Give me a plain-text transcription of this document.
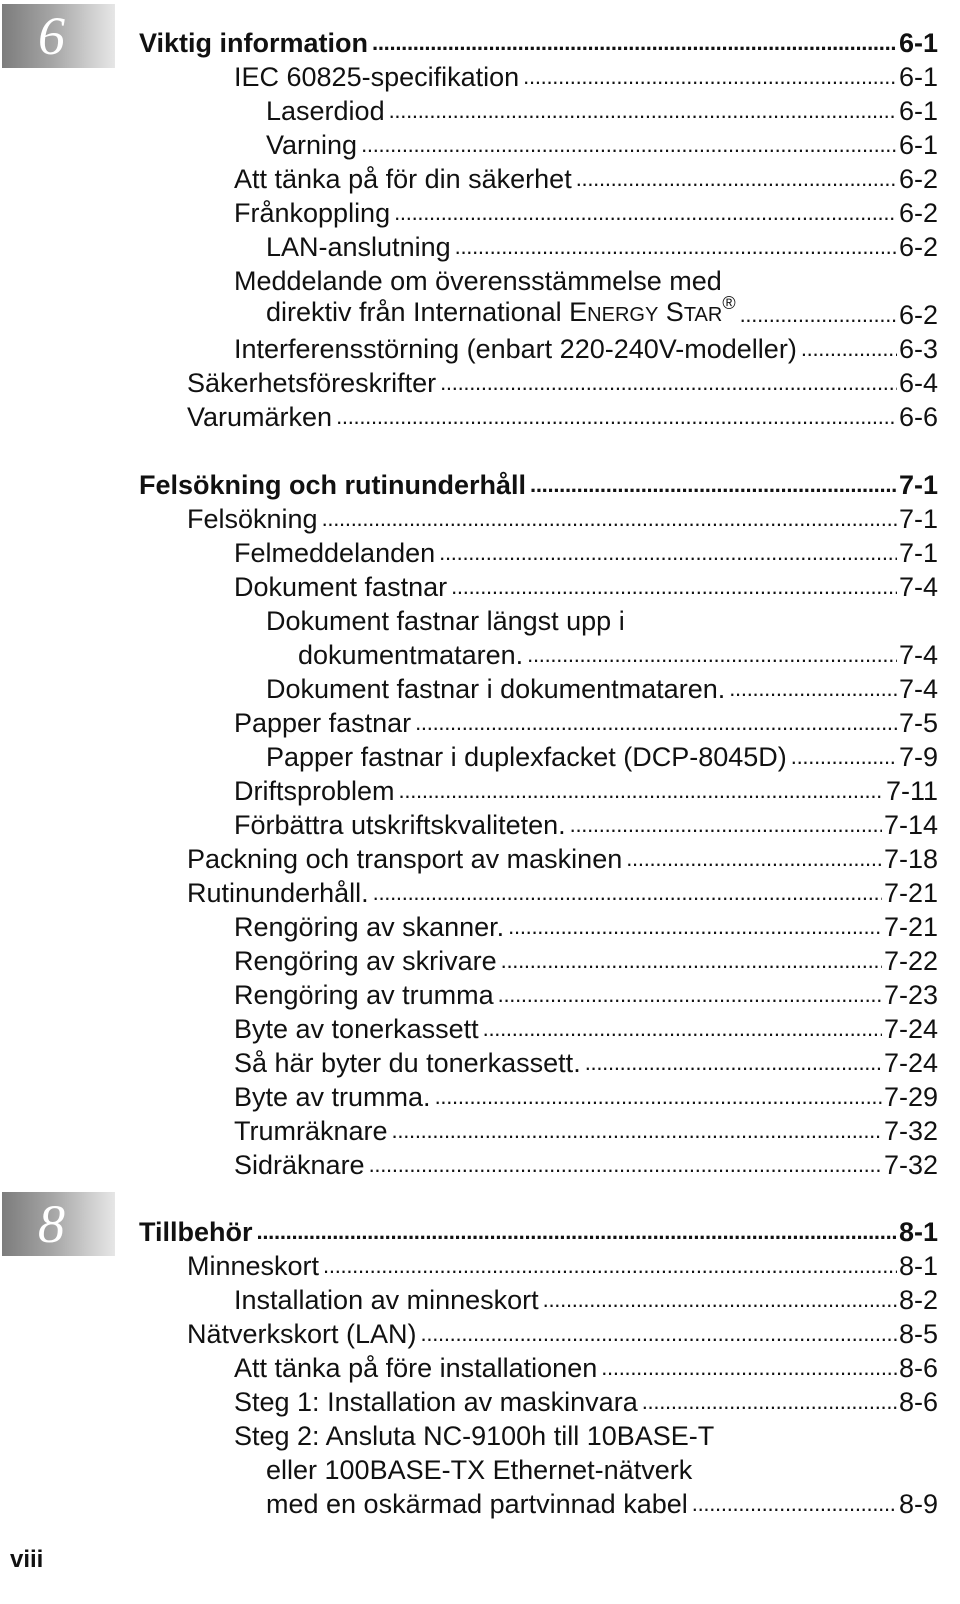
6
8
Viktig information . . .	6-1
IEC 60825-specifikation . . .	6-1
Laserdiod . . .	6-1
Varning . . .	6-1
Att tänka på för din säkerhet . . .	6-2
Frånkoppling . . .	6-2
LAN-anslutning . . .	6-2
Meddelande om överensstämmelse med
direktiv från International ENERGY STAR® . . .	6-2
Interferensstörning (enbart 220-240V-modeller) . . .	6-3
Säkerhetsföreskrifter . . .	6-4
Varumärken . . .	6-6
Felsökning och rutinunderhåll . . .	7-1
Felsökning . . .	7-1
Felmeddelanden . . .	7-1
Dokument fastnar . . .	7-4
Dokument fastnar längst upp i
dokumentmataren. . . .	7-4
Dokument fastnar i dokumentmataren. . . .	7-4
Papper fastnar . . .	7-5
Papper fastnar i duplexfacket (DCP-8045D) . . .	7-9
Driftsproblem . . .	7-11
Förbättra utskriftskvaliteten. . . .	7-14
Packning och transport av maskinen . . .	7-18
Rutinunderhåll. . . .	7-21
Rengöring av skanner. . . .	7-21
Rengöring av skrivare . . .	7-22
Rengöring av trumma . . .	7-23
Byte av tonerkassett . . .	7-24
Så här byter du tonerkassett. . . .	7-24
Byte av trumma. . . .	7-29
Trumräknare . . .	7-32
Sidräknare . . .	7-32
Tillbehör . . .	8-1
Minneskort . . .	8-1
Installation av minneskort . . .	8-2
Nätverkskort (LAN) . . .	8-5
Att tänka på före installationen . . .	8-6
Steg 1: Installation av maskinvara . . .	8-6
Steg 2: Ansluta NC-9100h till 10BASE-T
eller 100BASE-TX Ethernet-nätverk
med en oskärmad partvinnad kabel . . .	8-9
viii
